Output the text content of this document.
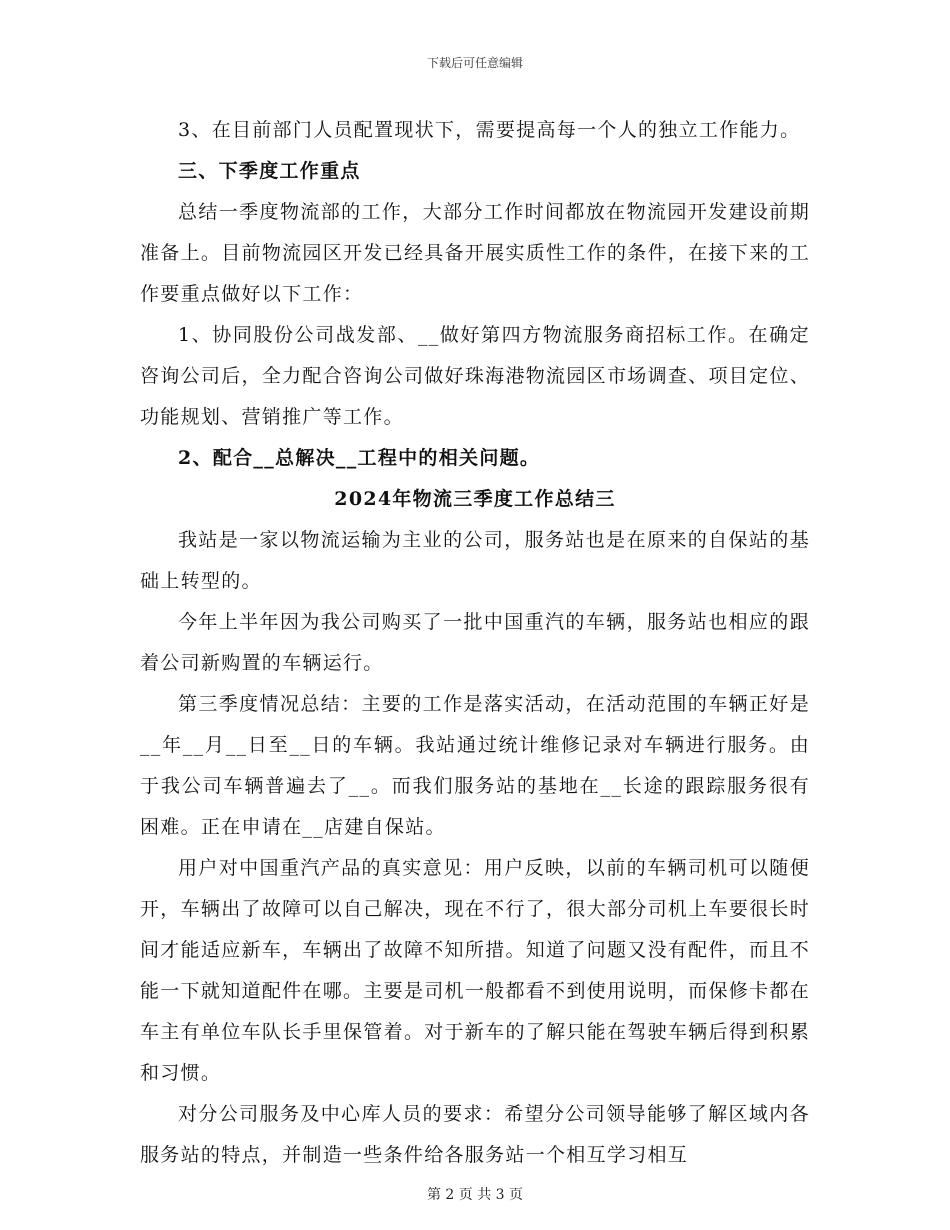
下载后可任意编辑

3、在目前部门人员配置现状下，需要提高每一个人的独立工作能力。

三、下季度工作重点

总结一季度物流部的工作，大部分工作时间都放在物流园开发建设前期准备上。目前物流园区开发已经具备开展实质性工作的条件，在接下来的工作要重点做好以下工作：

1、协同股份公司战发部、__做好第四方物流服务商招标工作。在确定咨询公司后，全力配合咨询公司做好珠海港物流园区市场调查、项目定位、功能规划、营销推广等工作。

2、配合__总解决__工程中的相关问题。

2024年物流三季度工作总结三

我站是一家以物流运输为主业的公司，服务站也是在原来的自保站的基础上转型的。

今年上半年因为我公司购买了一批中国重汽的车辆，服务站也相应的跟着公司新购置的车辆运行。

第三季度情况总结：主要的工作是落实活动，在活动范围的车辆正好是__年__月__日至__日的车辆。我站通过统计维修记录对车辆进行服务。由于我公司车辆普遍去了__。而我们服务站的基地在__长途的跟踪服务很有困难。正在申请在__店建自保站。

用户对中国重汽产品的真实意见：用户反映，以前的车辆司机可以随便开，车辆出了故障可以自己解决，现在不行了，很大部分司机上车要很长时间才能适应新车，车辆出了故障不知所措。知道了问题又没有配件，而且不能一下就知道配件在哪。主要是司机一般都看不到使用说明，而保修卡都在车主有单位车队长手里保管着。对于新车的了解只能在驾驶车辆后得到积累和习惯。

对分公司服务及中心库人员的要求：希望分公司领导能够了解区域内各服务站的特点，并制造一些条件给各服务站一个相互学习相互

第 2 页 共 3 页
